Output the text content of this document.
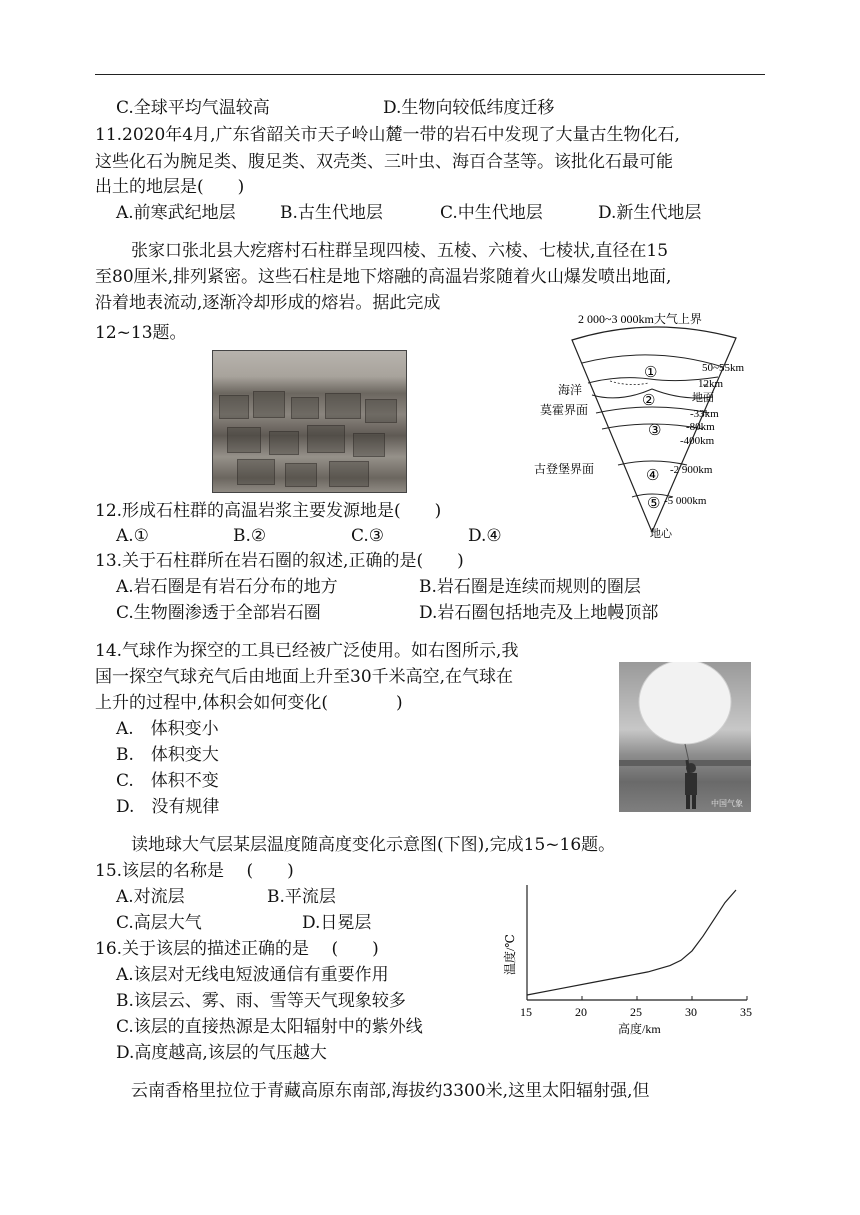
C.全球平均气温较高	D.生物向较低纬度迁移
11.2020年4月,广东省韶关市天子岭山麓一带的岩石中发现了大量古生物化石,
这些化石为腕足类、腹足类、双壳类、三叶虫、海百合茎等。该批化石最可能
出土的地层是(　　)
A.前寒武纪地层	B.古生代地层	C.中生代地层	D.新生代地层
张家口张北县大疙瘩村石柱群呈现四棱、五棱、六棱、七棱状,直径在15
至80厘米,排列紧密。这些石柱是地下熔融的高温岩浆随着火山爆发喷出地面,
沿着地表流动,逐渐冷却形成的熔岩。据此完成
12~13题。
2 000~3 000km大气上界
①
②
③
④
⑤
50~55km
12km
地面
-33km
-80km
-400km
-2 900km
-5 000km
地心
海洋
莫霍界面
古登堡界面
12.形成石柱群的高温岩浆主要发源地是(　　)
A.①	B.②	C.③	D.④
13.关于石柱群所在岩石圈的叙述,正确的是(　　)
A.岩石圈是有岩石分布的地方	B.岩石圈是连续而规则的圈层
C.生物圈渗透于全部岩石圈	D.岩石圈包括地壳及上地幔顶部
14.气球作为探空的工具已经被广泛使用。如右图所示,我
国一探空气球充气后由地面上升至30千米高空,在气球在
上升的过程中,体积会如何变化(　　　　)
A.　体积变小
B.　体积变大
C.　体积不变
D.　没有规律	中国气象
读地球大气层某层温度随高度变化示意图(下图),完成15~16题。
15.该层的名称是　 (　　)
A.对流层	B.平流层
C.高层大气	D.日冕层
16.关于该层的描述正确的是　 (　　)
A.该层对无线电短波通信有重要作用
B.该层云、雾、雨、雪等天气现象较多
C.该层的直接热源是太阳辐射中的紫外线
D.高度越高,该层的气压越大
15	20	25	30	35
高度/km
温度/℃
云南香格里拉位于青藏高原东南部,海拔约3300米,这里太阳辐射强,但
